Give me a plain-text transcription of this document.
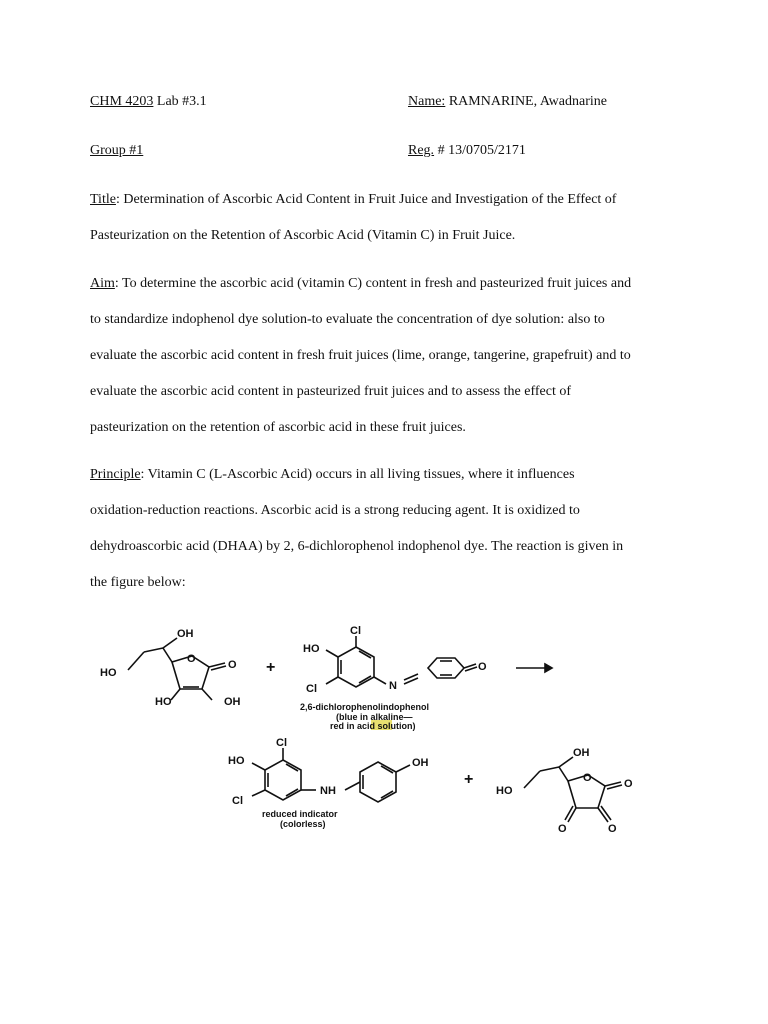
CHM 4203 Lab #3.1	Name: RAMNARINE, Awadnarine
Group #1	Reg. # 13/0705/2171
Title: Determination of Ascorbic Acid Content in Fruit Juice and Investigation of the Effect of
Pasteurization on the Retention of Ascorbic Acid (Vitamin C) in Fruit Juice.
Aim: To determine the ascorbic acid (vitamin C) content in fresh and pasteurized fruit juices and
to standardize indophenol dye solution-to evaluate the concentration of dye solution: also to
evaluate the ascorbic acid content in fresh fruit juices (lime, orange, tangerine, grapefruit) and to
evaluate the ascorbic acid content in pasteurized fruit juices and to assess the effect of
pasteurization on the retention of ascorbic acid in these fruit juices.
Principle: Vitamin C (L-Ascorbic Acid) occurs in all living tissues, where it influences
oxidation-reduction reactions. Ascorbic acid is a strong reducing agent. It is oxidized to
dehydroascorbic acid (DHAA) by 2, 6-dichlorophenol indophenol dye. The reaction is given in
the figure below:
OH
HO
O	O
HO	OH
+
Cl
HO
Cl	N
O
2,6-dichlorophenolindophenol
(blue in alkaline—
red in acid solution)
Cl
HO
Cl
NH
OH
reduced indicator
(colorless)
+
OH
HO
O	O
O	O
